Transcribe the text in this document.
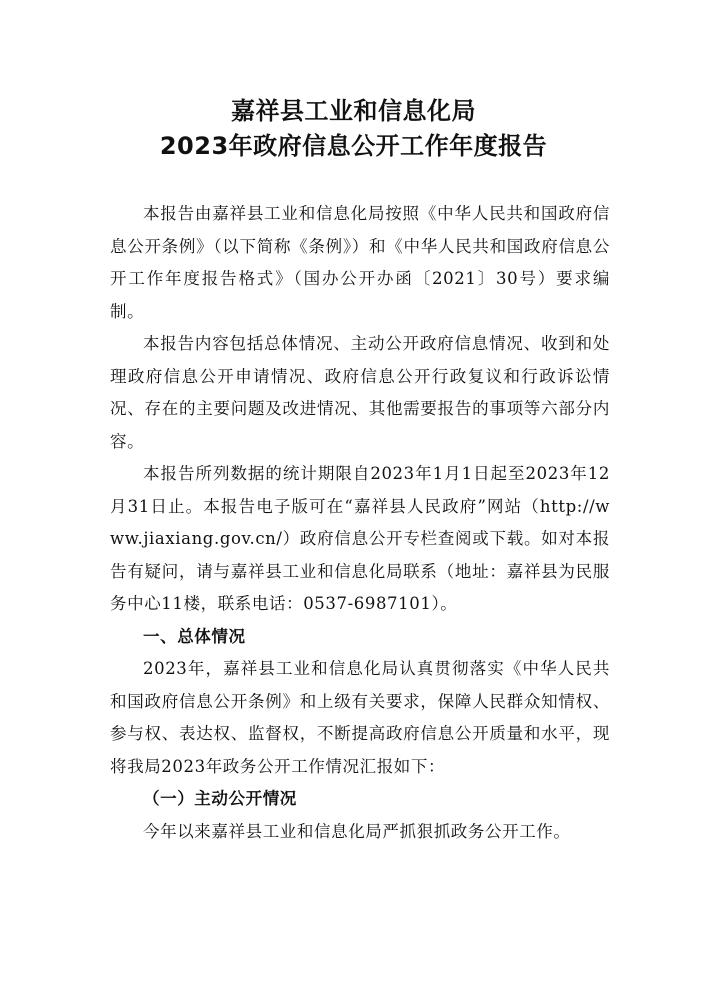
嘉祥县工业和信息化局
2023年政府信息公开工作年度报告

本报告由嘉祥县工业和信息化局按照《中华人民共和国政府信息公开条例》（以下简称《条例》）和《中华人民共和国政府信息公开工作年度报告格式》（国办公开办函〔2021〕30号）要求编制。

本报告内容包括总体情况、主动公开政府信息情况、收到和处理政府信息公开申请情况、政府信息公开行政复议和行政诉讼情况、存在的主要问题及改进情况、其他需要报告的事项等六部分内容。

本报告所列数据的统计期限自2023年1月1日起至2023年12月31日止。本报告电子版可在“嘉祥县人民政府”网站（http://www.jiaxiang.gov.cn/）政府信息公开专栏查阅或下载。如对本报告有疑问，请与嘉祥县工业和信息化局联系（地址：嘉祥县为民服务中心11楼，联系电话：0537-6987101）。

一、总体情况

2023年，嘉祥县工业和信息化局认真贯彻落实《中华人民共和国政府信息公开条例》和上级有关要求，保障人民群众知情权、参与权、表达权、监督权，不断提高政府信息公开质量和水平，现将我局2023年政务公开工作情况汇报如下：

（一）主动公开情况

今年以来嘉祥县工业和信息化局严抓狠抓政务公开工作。
